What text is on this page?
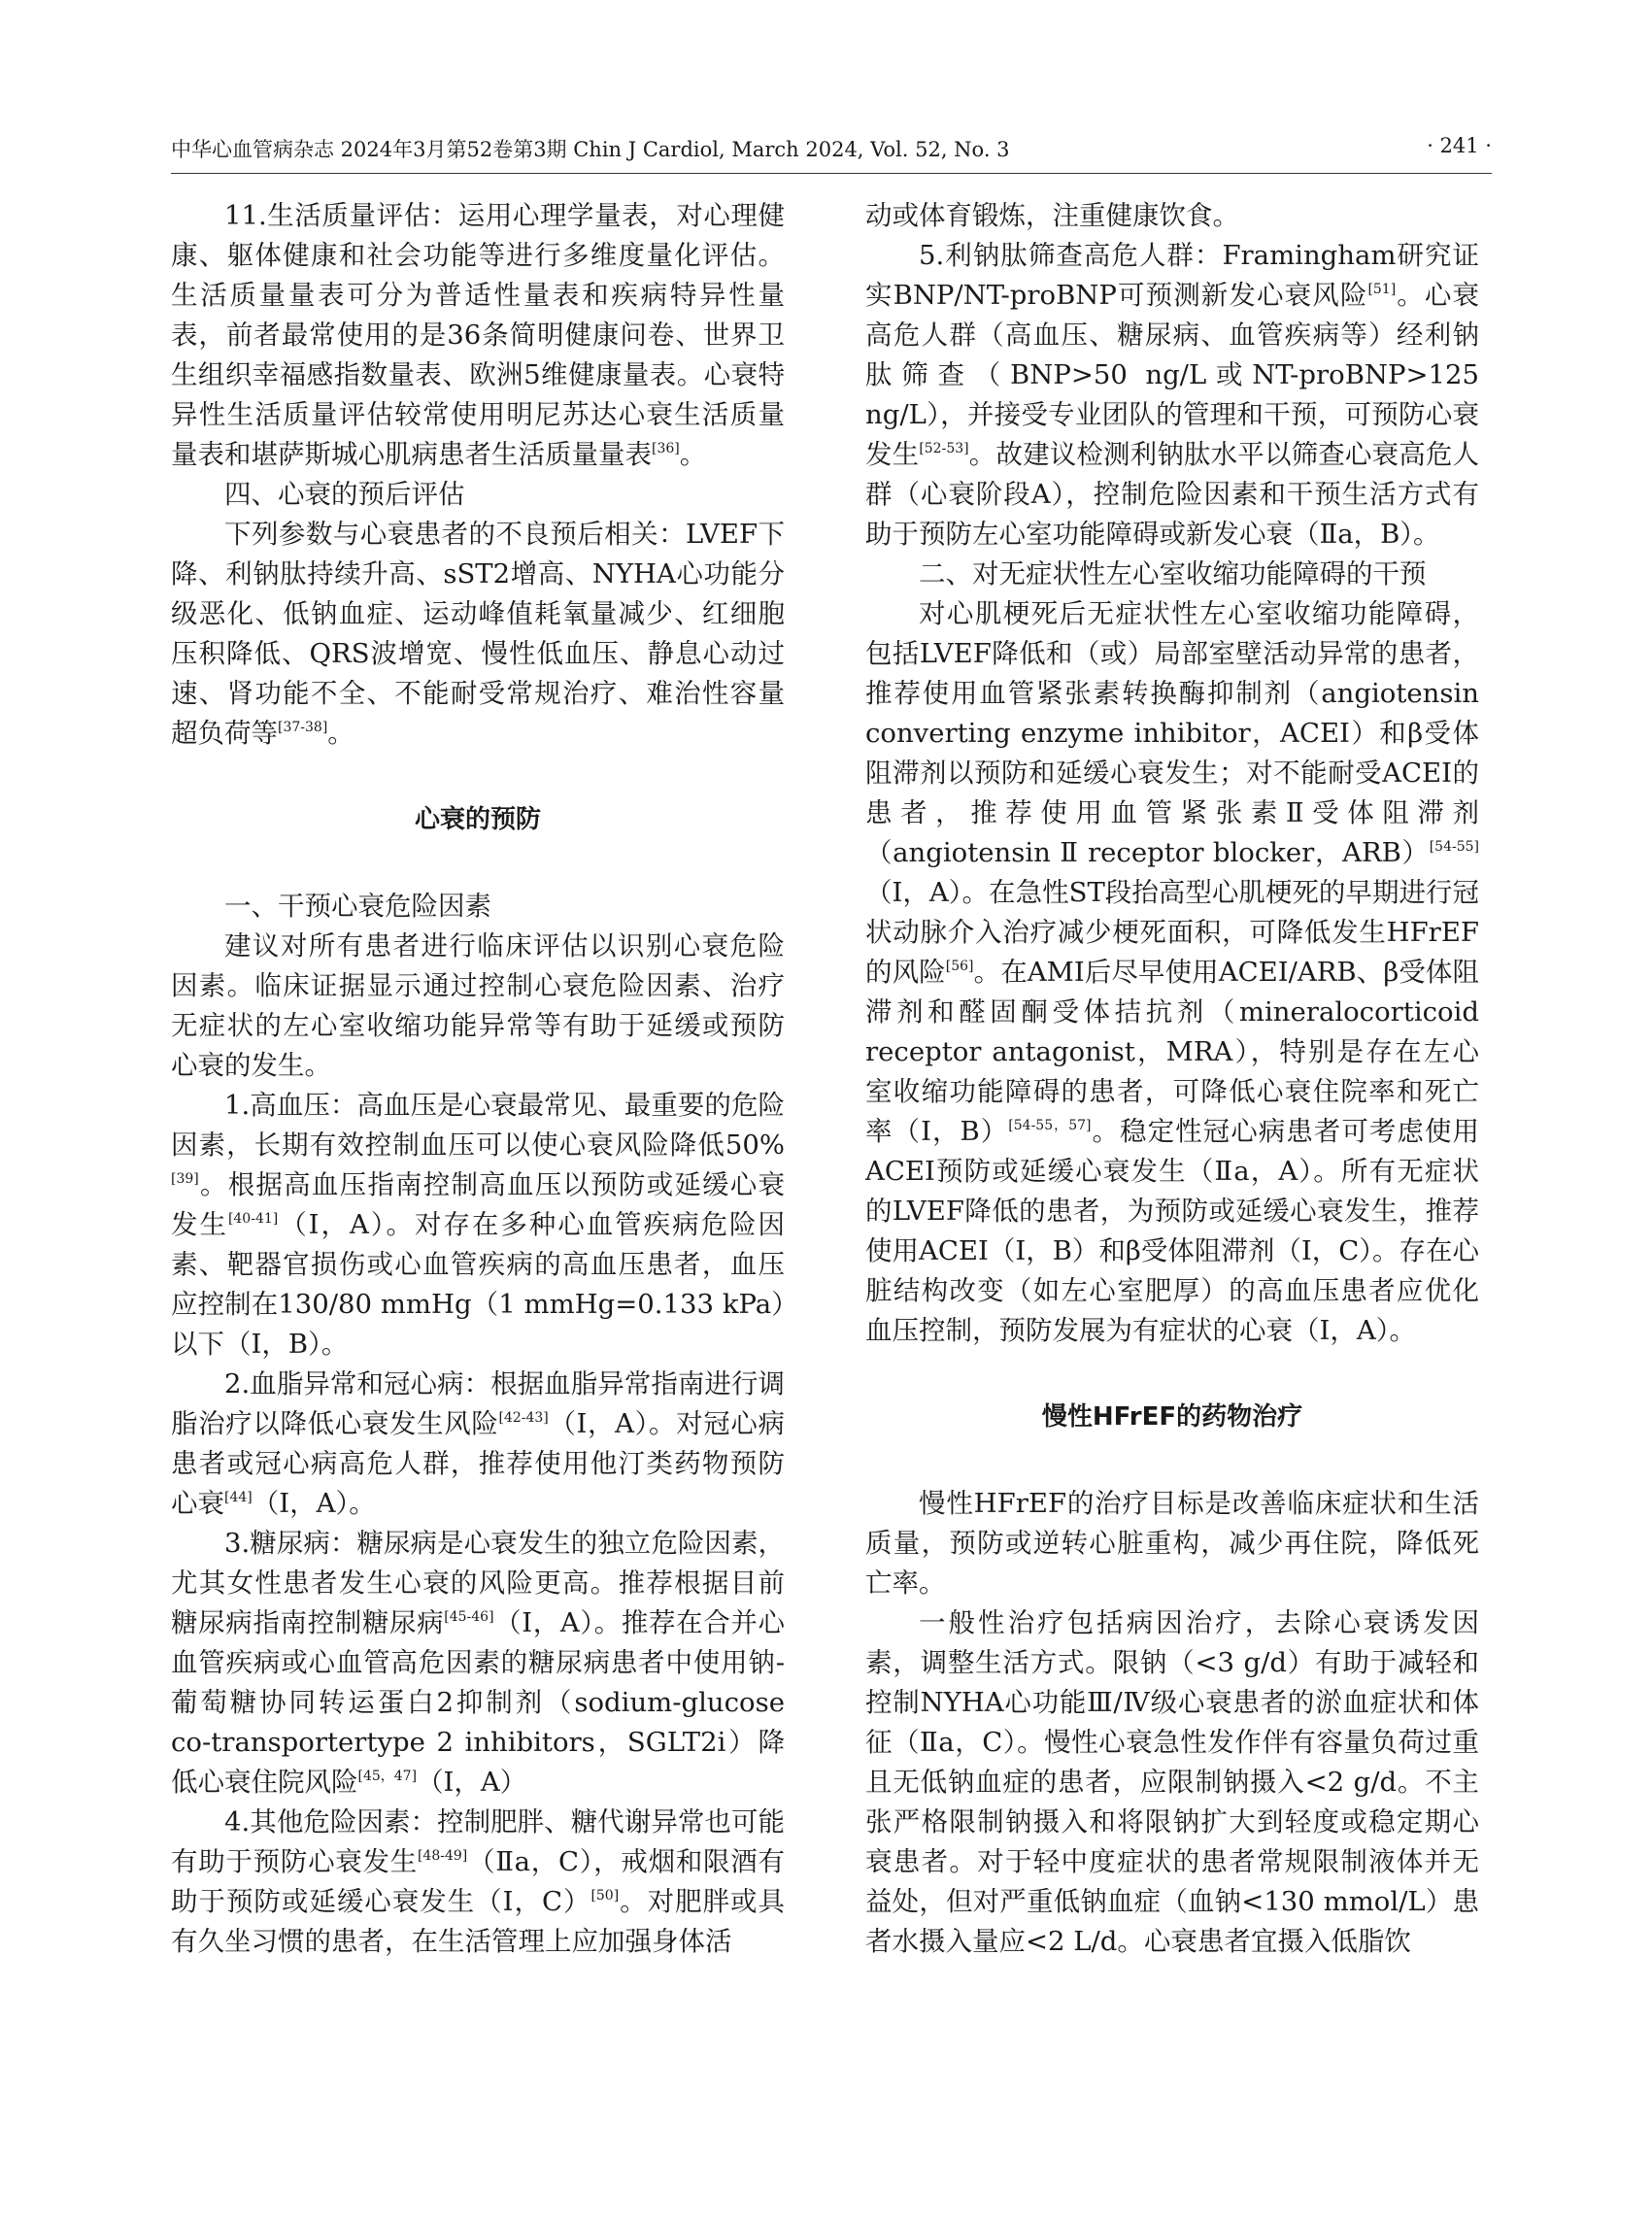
中华心血管病杂志 2024年3月第52卷第3期 Chin J Cardiol, March 2024, Vol. 52, No. 3	· 241 ·

11.生活质量评估：运用心理学量表，对心理健康、躯体健康和社会功能等进行多维度量化评估。生活质量量表可分为普适性量表和疾病特异性量表，前者最常使用的是36条简明健康问卷、世界卫生组织幸福感指数量表、欧洲5维健康量表。心衰特异性生活质量评估较常使用明尼苏达心衰生活质量量表和堪萨斯城心肌病患者生活质量量表[36]。

四、心衰的预后评估

下列参数与心衰患者的不良预后相关：LVEF下降、利钠肽持续升高、sST2增高、NYHA心功能分级恶化、低钠血症、运动峰值耗氧量减少、红细胞压积降低、QRS波增宽、慢性低血压、静息心动过速、肾功能不全、不能耐受常规治疗、难治性容量超负荷等[37-38]。

心衰的预防

一、干预心衰危险因素

建议对所有患者进行临床评估以识别心衰危险因素。临床证据显示通过控制心衰危险因素、治疗无症状的左心室收缩功能异常等有助于延缓或预防心衰的发生。

1.高血压：高血压是心衰最常见、最重要的危险因素，长期有效控制血压可以使心衰风险降低50%[39]。根据高血压指南控制高血压以预防或延缓心衰发生[40-41]（Ⅰ，A）。对存在多种心血管疾病危险因素、靶器官损伤或心血管疾病的高血压患者，血压应控制在130/80 mmHg（1 mmHg=0.133 kPa）以下（Ⅰ，B）。

2.血脂异常和冠心病：根据血脂异常指南进行调脂治疗以降低心衰发生风险[42-43]（Ⅰ，A）。对冠心病患者或冠心病高危人群，推荐使用他汀类药物预防心衰[44]（Ⅰ，A）。

3.糖尿病：糖尿病是心衰发生的独立危险因素，尤其女性患者发生心衰的风险更高。推荐根据目前糖尿病指南控制糖尿病[45-46]（Ⅰ，A）。推荐在合并心血管疾病或心血管高危因素的糖尿病患者中使用钠-葡萄糖协同转运蛋白2抑制剂（sodium-glucose co-transportertype 2 inhibitors，SGLT2i）降低心衰住院风险[45，47]（Ⅰ，A）

4.其他危险因素：控制肥胖、糖代谢异常也可能有助于预防心衰发生[48-49]（Ⅱa，C），戒烟和限酒有助于预防或延缓心衰发生（Ⅰ，C）[50]。对肥胖或具有久坐习惯的患者，在生活管理上应加强身体活

动或体育锻炼，注重健康饮食。

5.利钠肽筛查高危人群：Framingham研究证实BNP/NT-proBNP可预测新发心衰风险[51]。心衰高危人群（高血压、糖尿病、血管疾病等）经利钠肽筛查（BNP>50 ng/L或NT-proBNP>125 ng/L），并接受专业团队的管理和干预，可预防心衰发生[52-53]。故建议检测利钠肽水平以筛查心衰高危人群（心衰阶段A），控制危险因素和干预生活方式有助于预防左心室功能障碍或新发心衰（Ⅱa，B）。

二、对无症状性左心室收缩功能障碍的干预

对心肌梗死后无症状性左心室收缩功能障碍，包括LVEF降低和（或）局部室壁活动异常的患者，推荐使用血管紧张素转换酶抑制剂（angiotensin converting enzyme inhibitor，ACEI）和β受体阻滞剂以预防和延缓心衰发生；对不能耐受ACEI的患者，推荐使用血管紧张素Ⅱ受体阻滞剂（angiotensin Ⅱ receptor blocker，ARB）[54-55]（Ⅰ，A）。在急性ST段抬高型心肌梗死的早期进行冠状动脉介入治疗减少梗死面积，可降低发生HFrEF的风险[56]。在AMI后尽早使用ACEI/ARB、β受体阻滞剂和醛固酮受体拮抗剂（mineralocorticoid receptor antagonist，MRA），特别是存在左心室收缩功能障碍的患者，可降低心衰住院率和死亡率（Ⅰ，B）[54-55，57]。稳定性冠心病患者可考虑使用ACEI预防或延缓心衰发生（Ⅱa，A）。所有无症状的LVEF降低的患者，为预防或延缓心衰发生，推荐使用ACEI（Ⅰ，B）和β受体阻滞剂（Ⅰ，C）。存在心脏结构改变（如左心室肥厚）的高血压患者应优化血压控制，预防发展为有症状的心衰（Ⅰ，A）。

慢性HFrEF的药物治疗

慢性HFrEF的治疗目标是改善临床症状和生活质量，预防或逆转心脏重构，减少再住院，降低死亡率。

一般性治疗包括病因治疗，去除心衰诱发因素，调整生活方式。限钠（<3 g/d）有助于减轻和控制NYHA心功能Ⅲ/Ⅳ级心衰患者的淤血症状和体征（Ⅱa，C）。慢性心衰急性发作伴有容量负荷过重且无低钠血症的患者，应限制钠摄入<2 g/d。不主张严格限制钠摄入和将限钠扩大到轻度或稳定期心衰患者。对于轻中度症状的患者常规限制液体并无益处，但对严重低钠血症（血钠<130 mmol/L）患者水摄入量应<2 L/d。心衰患者宜摄入低脂饮
